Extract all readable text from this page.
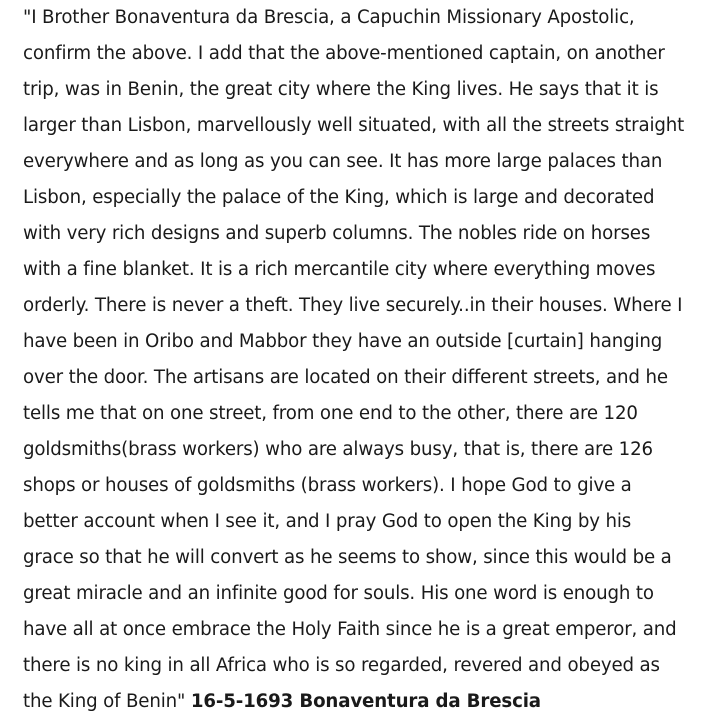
"I Brother Bonaventura da Brescia, a Capuchin Missionary Apostolic,
confirm the above. I add that the above-mentioned captain, on another
trip, was in Benin, the great city where the King lives. He says that it is
larger than Lisbon, marvellously well situated, with all the streets straight
everywhere and as long as you can see. It has more large palaces than
Lisbon, especially the palace of the King, which is large and decorated
with very rich designs and superb columns. The nobles ride on horses
with a fine blanket. It is a rich mercantile city where everything moves
orderly. There is never a theft. They live securely..in their houses. Where I
have been in Oribo and Mabbor they have an outside [curtain] hanging
over the door. The artisans are located on their different streets, and he
tells me that on one street, from one end to the other, there are 120
goldsmiths(brass workers) who are always busy, that is, there are 126
shops or houses of goldsmiths (brass workers). I hope God to give a
better account when I see it, and I pray God to open the King by his
grace so that he will convert as he seems to show, since this would be a
great miracle and an infinite good for souls. His one word is enough to
have all at once embrace the Holy Faith since he is a great emperor, and
there is no king in all Africa who is so regarded, revered and obeyed as
the King of Benin" 16-5-1693 Bonaventura da Brescia
